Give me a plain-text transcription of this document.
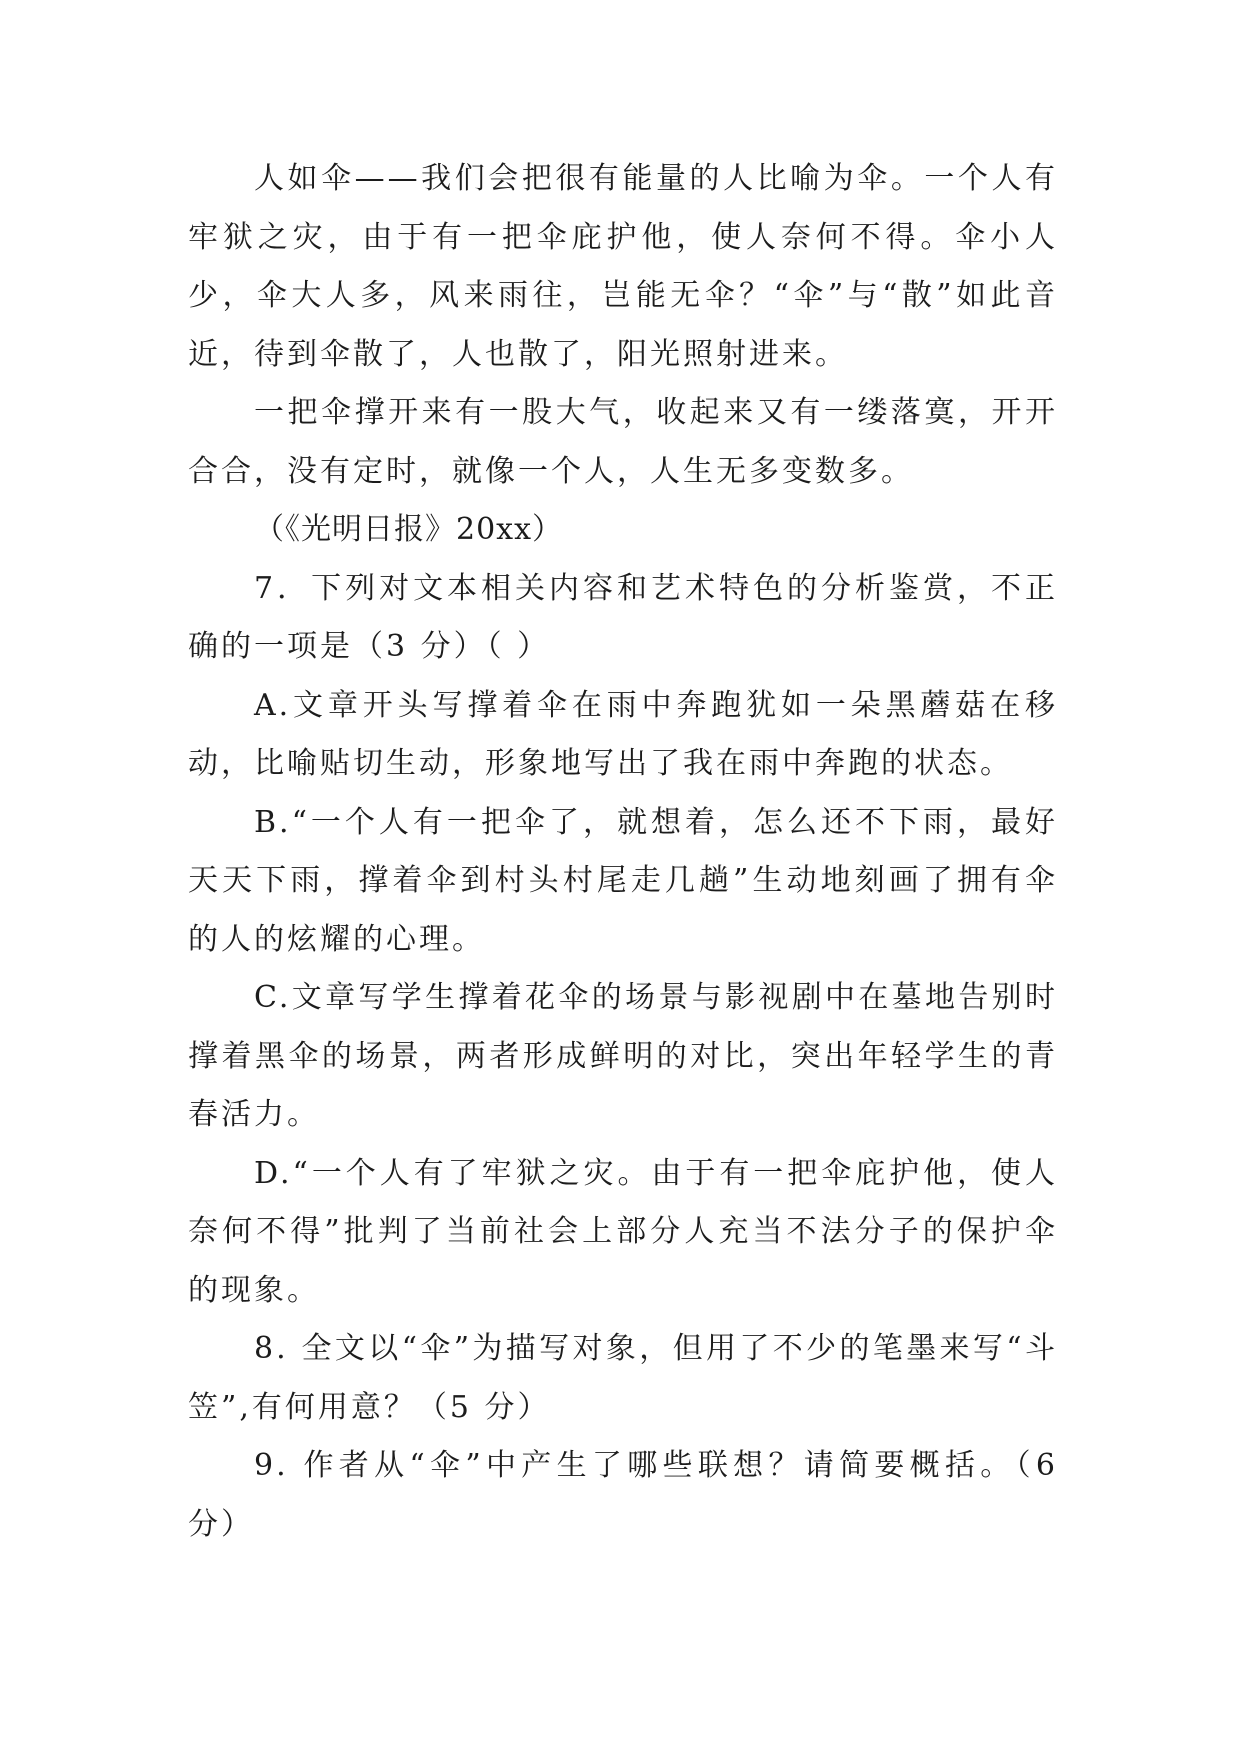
人如伞——我们会把很有能量的人比喻为伞。一个人有牢狱之灾，由于有一把伞庇护他，使人奈何不得。伞小人少，伞大人多，风来雨往，岂能无伞？“伞”与“散”如此音近，待到伞散了，人也散了，阳光照射进来。

一把伞撑开来有一股大气，收起来又有一缕落寞，开开合合，没有定时，就像一个人，人生无多变数多。

（《光明日报》20xx）

7．下列对文本相关内容和艺术特色的分析鉴赏，不正确的一项是（3 分）（ ）

A.文章开头写撑着伞在雨中奔跑犹如一朵黑蘑菇在移动，比喻贴切生动，形象地写出了我在雨中奔跑的状态。

B.“一个人有一把伞了，就想着，怎么还不下雨，最好天天下雨，撑着伞到村头村尾走几趟”生动地刻画了拥有伞的人的炫耀的心理。

C.文章写学生撑着花伞的场景与影视剧中在墓地告别时撑着黑伞的场景，两者形成鲜明的对比，突出年轻学生的青春活力。

D.“一个人有了牢狱之灾。由于有一把伞庇护他，使人奈何不得”批判了当前社会上部分人充当不法分子的保护伞的现象。

8. 全文以“伞”为描写对象，但用了不少的笔墨来写“斗笠”,有何用意？（5 分）

9. 作者从“伞”中产生了哪些联想？请简要概括。（6 分）
